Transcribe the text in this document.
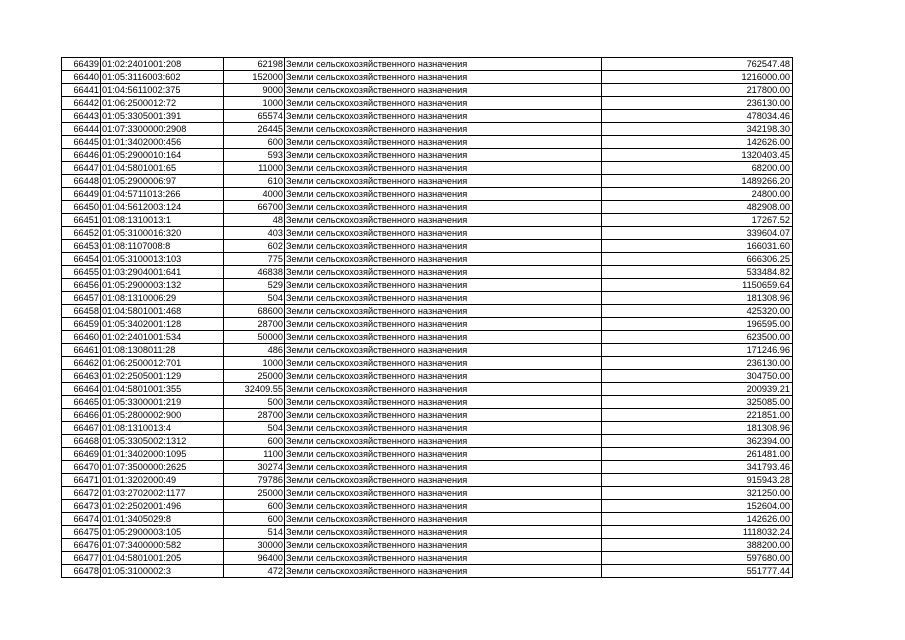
66439	01:02:2401001:208	62198	Земли сельскохозяйственного назначения	762547.48
66440	01:05:3116003:602	152000	Земли сельскохозяйственного назначения	1216000.00
66441	01:04:5611002:375	9000	Земли сельскохозяйственного назначения	217800.00
66442	01:06:2500012:72	1000	Земли сельскохозяйственного назначения	236130.00
66443	01:05:3305001:391	65574	Земли сельскохозяйственного назначения	478034.46
66444	01:07:3300000:2908	26445	Земли сельскохозяйственного назначения	342198.30
66445	01:01:3402000:456	600	Земли сельскохозяйственного назначения	142626.00
66446	01:05:2900010:164	593	Земли сельскохозяйственного назначения	1320403.45
66447	01:04:5801001:65	11000	Земли сельскохозяйственного назначения	68200.00
66448	01:05:2900006:97	610	Земли сельскохозяйственного назначения	1489266.20
66449	01:04:5711013:266	4000	Земли сельскохозяйственного назначения	24800.00
66450	01:04:5612003:124	66700	Земли сельскохозяйственного назначения	482908.00
66451	01:08:1310013:1	48	Земли сельскохозяйственного назначения	17267.52
66452	01:05:3100016:320	403	Земли сельскохозяйственного назначения	339604.07
66453	01:08:1107008:8	602	Земли сельскохозяйственного назначения	166031.60
66454	01:05:3100013:103	775	Земли сельскохозяйственного назначения	666306.25
66455	01:03:2904001:641	46838	Земли сельскохозяйственного назначения	533484.82
66456	01:05:2900003:132	529	Земли сельскохозяйственного назначения	1150659.64
66457	01:08:1310006:29	504	Земли сельскохозяйственного назначения	181308.96
66458	01:04:5801001:468	68600	Земли сельскохозяйственного назначения	425320.00
66459	01:05:3402001:128	28700	Земли сельскохозяйственного назначения	196595.00
66460	01:02:2401001:534	50000	Земли сельскохозяйственного назначения	623500.00
66461	01:08:1308011:28	486	Земли сельскохозяйственного назначения	171246.96
66462	01:06:2500012:701	1000	Земли сельскохозяйственного назначения	236130.00
66463	01:02:2505001:129	25000	Земли сельскохозяйственного назначения	304750.00
66464	01:04:5801001:355	32409.55	Земли сельскохозяйственного назначения	200939.21
66465	01:05:3300001:219	500	Земли сельскохозяйственного назначения	325085.00
66466	01:05:2800002:900	28700	Земли сельскохозяйственного назначения	221851.00
66467	01:08:1310013:4	504	Земли сельскохозяйственного назначения	181308.96
66468	01:05:3305002:1312	600	Земли сельскохозяйственного назначения	362394.00
66469	01:01:3402000:1095	1100	Земли сельскохозяйственного назначения	261481.00
66470	01:07:3500000:2625	30274	Земли сельскохозяйственного назначения	341793.46
66471	01:01:3202000:49	79786	Земли сельскохозяйственного назначения	915943.28
66472	01:03:2702002:1177	25000	Земли сельскохозяйственного назначения	321250.00
66473	01:02:2502001:496	600	Земли сельскохозяйственного назначения	152604.00
66474	01:01:3405029:8	600	Земли сельскохозяйственного назначения	142626.00
66475	01:05:2900003:105	514	Земли сельскохозяйственного назначения	1118032.24
66476	01:07:3400000:582	30000	Земли сельскохозяйственного назначения	388200.00
66477	01:04:5801001:205	96400	Земли сельскохозяйственного назначения	597680.00
66478	01:05:3100002:3	472	Земли сельскохозяйственного назначения	551777.44
